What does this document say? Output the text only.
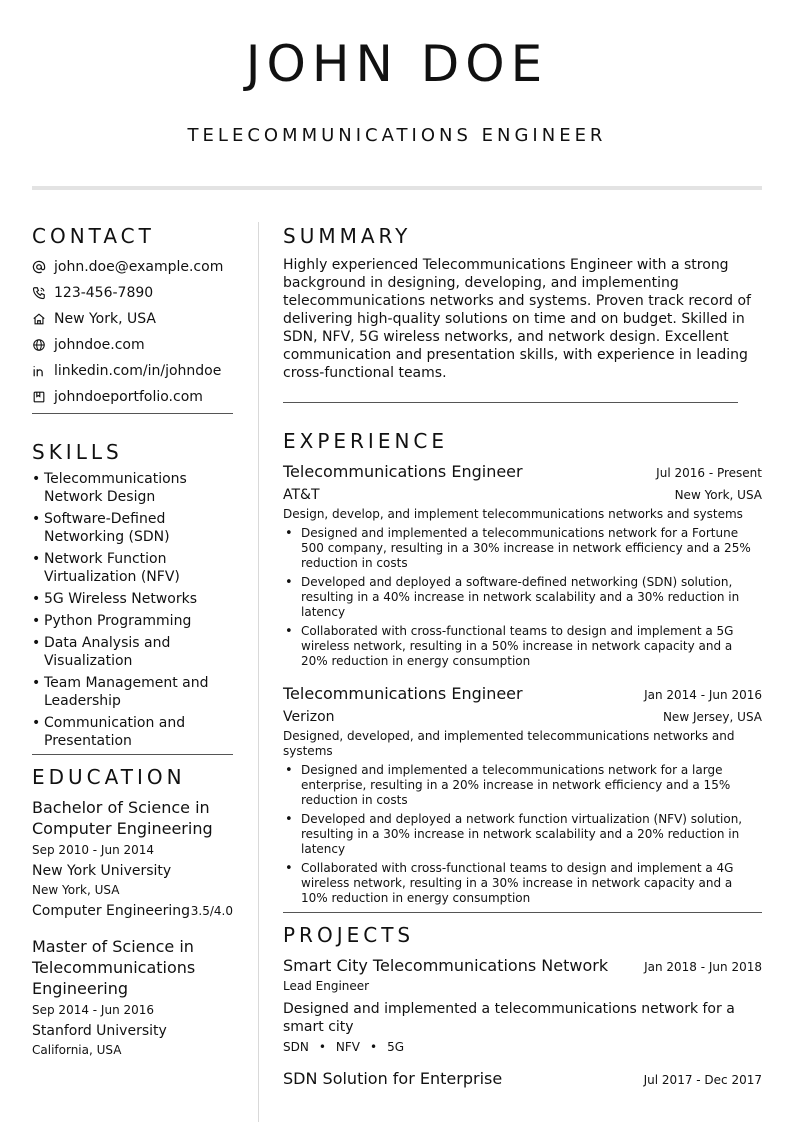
JOHN DOE
TELECOMMUNICATIONS ENGINEER
CONTACT
john.doe@example.com
123-456-7890
New York, USA
johndoe.com
linkedin.com/in/johndoe
johndoeportfolio.com
SKILLS
• Telecommunications Network Design
• Software-Defined Networking (SDN)
• Network Function Virtualization (NFV)
• 5G Wireless Networks
• Python Programming
• Data Analysis and Visualization
• Team Management and Leadership
• Communication and Presentation
EDUCATION
Bachelor of Science in Computer Engineering
Sep 2010 - Jun 2014
New York University
New York, USA
Computer Engineering 3.5/4.0
Master of Science in Telecommunications Engineering
Sep 2014 - Jun 2016
Stanford University
California, USA
SUMMARY

Highly experienced Telecommunications Engineer with a strong background in designing, developing, and implementing telecommunications networks and systems. Proven track record of delivering high-quality solutions on time and on budget. Skilled in SDN, NFV, 5G wireless networks, and network design. Excellent communication and presentation skills, with experience in leading cross-functional teams.

EXPERIENCE
Telecommunications Engineer	Jul 2016 - Present
AT&T	New York, USA
Design, develop, and implement telecommunications networks and systems
• Designed and implemented a telecommunications network for a Fortune 500 company, resulting in a 30% increase in network efficiency and a 25% reduction in costs
• Developed and deployed a software-defined networking (SDN) solution, resulting in a 40% increase in network scalability and a 30% reduction in latency
• Collaborated with cross-functional teams to design and implement a 5G wireless network, resulting in a 50% increase in network capacity and a 20% reduction in energy consumption
Telecommunications Engineer	Jan 2014 - Jun 2016
Verizon	New Jersey, USA
Designed, developed, and implemented telecommunications networks and systems
• Designed and implemented a telecommunications network for a large enterprise, resulting in a 20% increase in network efficiency and a 15% reduction in costs
• Developed and deployed a network function virtualization (NFV) solution, resulting in a 30% increase in network scalability and a 20% reduction in latency
• Collaborated with cross-functional teams to design and implement a 4G wireless network, resulting in a 30% increase in network capacity and a 10% reduction in energy consumption
PROJECTS
Smart City Telecommunications Network	Jan 2018 - Jun 2018
Lead Engineer
Designed and implemented a telecommunications network for a smart city
SDN • NFV • 5G
SDN Solution for Enterprise	Jul 2017 - Dec 2017
